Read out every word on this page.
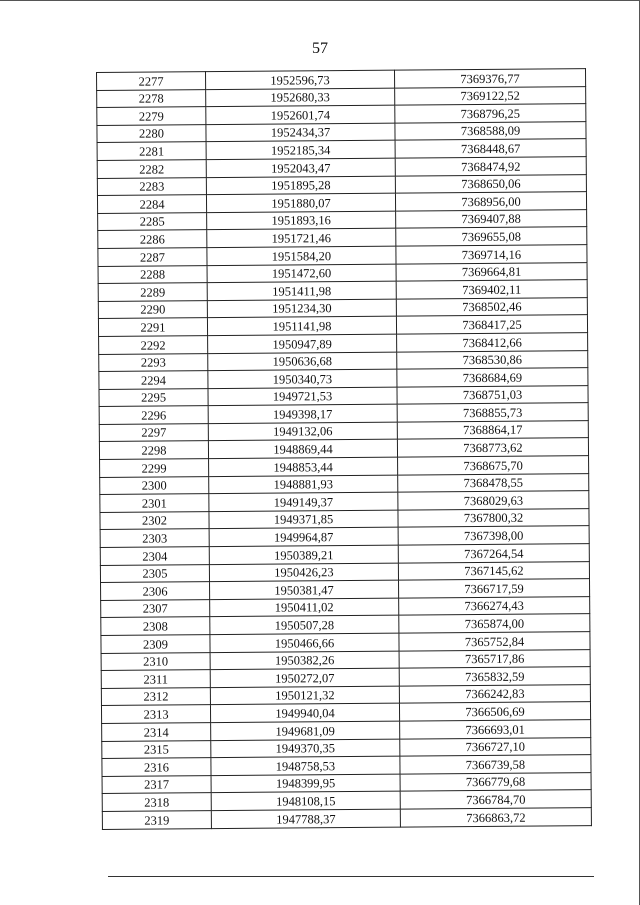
57
2277	1952596,73	7369376,77
2278	1952680,33	7369122,52
2279	1952601,74	7368796,25
2280	1952434,37	7368588,09
2281	1952185,34	7368448,67
2282	1952043,47	7368474,92
2283	1951895,28	7368650,06
2284	1951880,07	7368956,00
2285	1951893,16	7369407,88
2286	1951721,46	7369655,08
2287	1951584,20	7369714,16
2288	1951472,60	7369664,81
2289	1951411,98	7369402,11
2290	1951234,30	7368502,46
2291	1951141,98	7368417,25
2292	1950947,89	7368412,66
2293	1950636,68	7368530,86
2294	1950340,73	7368684,69
2295	1949721,53	7368751,03
2296	1949398,17	7368855,73
2297	1949132,06	7368864,17
2298	1948869,44	7368773,62
2299	1948853,44	7368675,70
2300	1948881,93	7368478,55
2301	1949149,37	7368029,63
2302	1949371,85	7367800,32
2303	1949964,87	7367398,00
2304	1950389,21	7367264,54
2305	1950426,23	7367145,62
2306	1950381,47	7366717,59
2307	1950411,02	7366274,43
2308	1950507,28	7365874,00
2309	1950466,66	7365752,84
2310	1950382,26	7365717,86
2311	1950272,07	7365832,59
2312	1950121,32	7366242,83
2313	1949940,04	7366506,69
2314	1949681,09	7366693,01
2315	1949370,35	7366727,10
2316	1948758,53	7366739,58
2317	1948399,95	7366779,68
2318	1948108,15	7366784,70
2319	1947788,37	7366863,72
